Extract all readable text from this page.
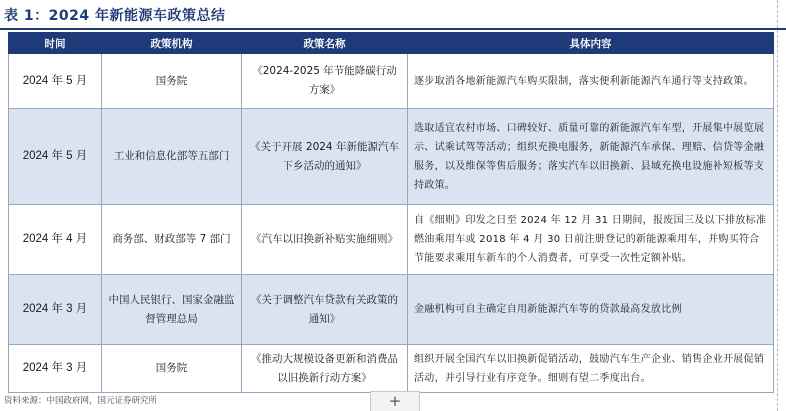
表 1：2024 年新能源车政策总结
时间	政策机构	政策名称	具体内容
2024 年 5 月	国务院	《2024-2025 年节能降碳行动方案》	逐步取消各地新能源汽车购买限制，落实便利新能源汽车通行等支持政策。
2024 年 5 月	工业和信息化部等五部门	《关于开展 2024 年新能源汽车下乡活动的通知》	选取适宜农村市场、口碑较好、质量可靠的新能源汽车车型，开展集中展览展示、试乘试驾等活动；组织充换电服务，新能源汽车承保、理赔、信贷等金融服务，以及维保等售后服务；落实汽车以旧换新、县域充换电设施补短板等支持政策。
2024 年 4 月	商务部、财政部等 7 部门	《汽车以旧换新补贴实施细则》	自《细则》印发之日至 2024 年 12 月 31 日期间，报废国三及以下排放标准燃油乘用车或 2018 年 4 月 30 日前注册登记的新能源乘用车，并购买符合节能要求乘用车新车的个人消费者，可享受一次性定额补贴。
2024 年 3 月	中国人民银行、国家金融监督管理总局	《关于调整汽车贷款有关政策的通知》	金融机构可自主确定自用新能源汽车等的贷款最高发放比例
2024 年 3 月	国务院	《推动大规模设备更新和消费品以旧换新行动方案》	组织开展全国汽车以旧换新促销活动，鼓励汽车生产企业、销售企业开展促销活动，并引导行业有序竞争。细则有望二季度出台。
资料来源：中国政府网，国元证券研究所	+
